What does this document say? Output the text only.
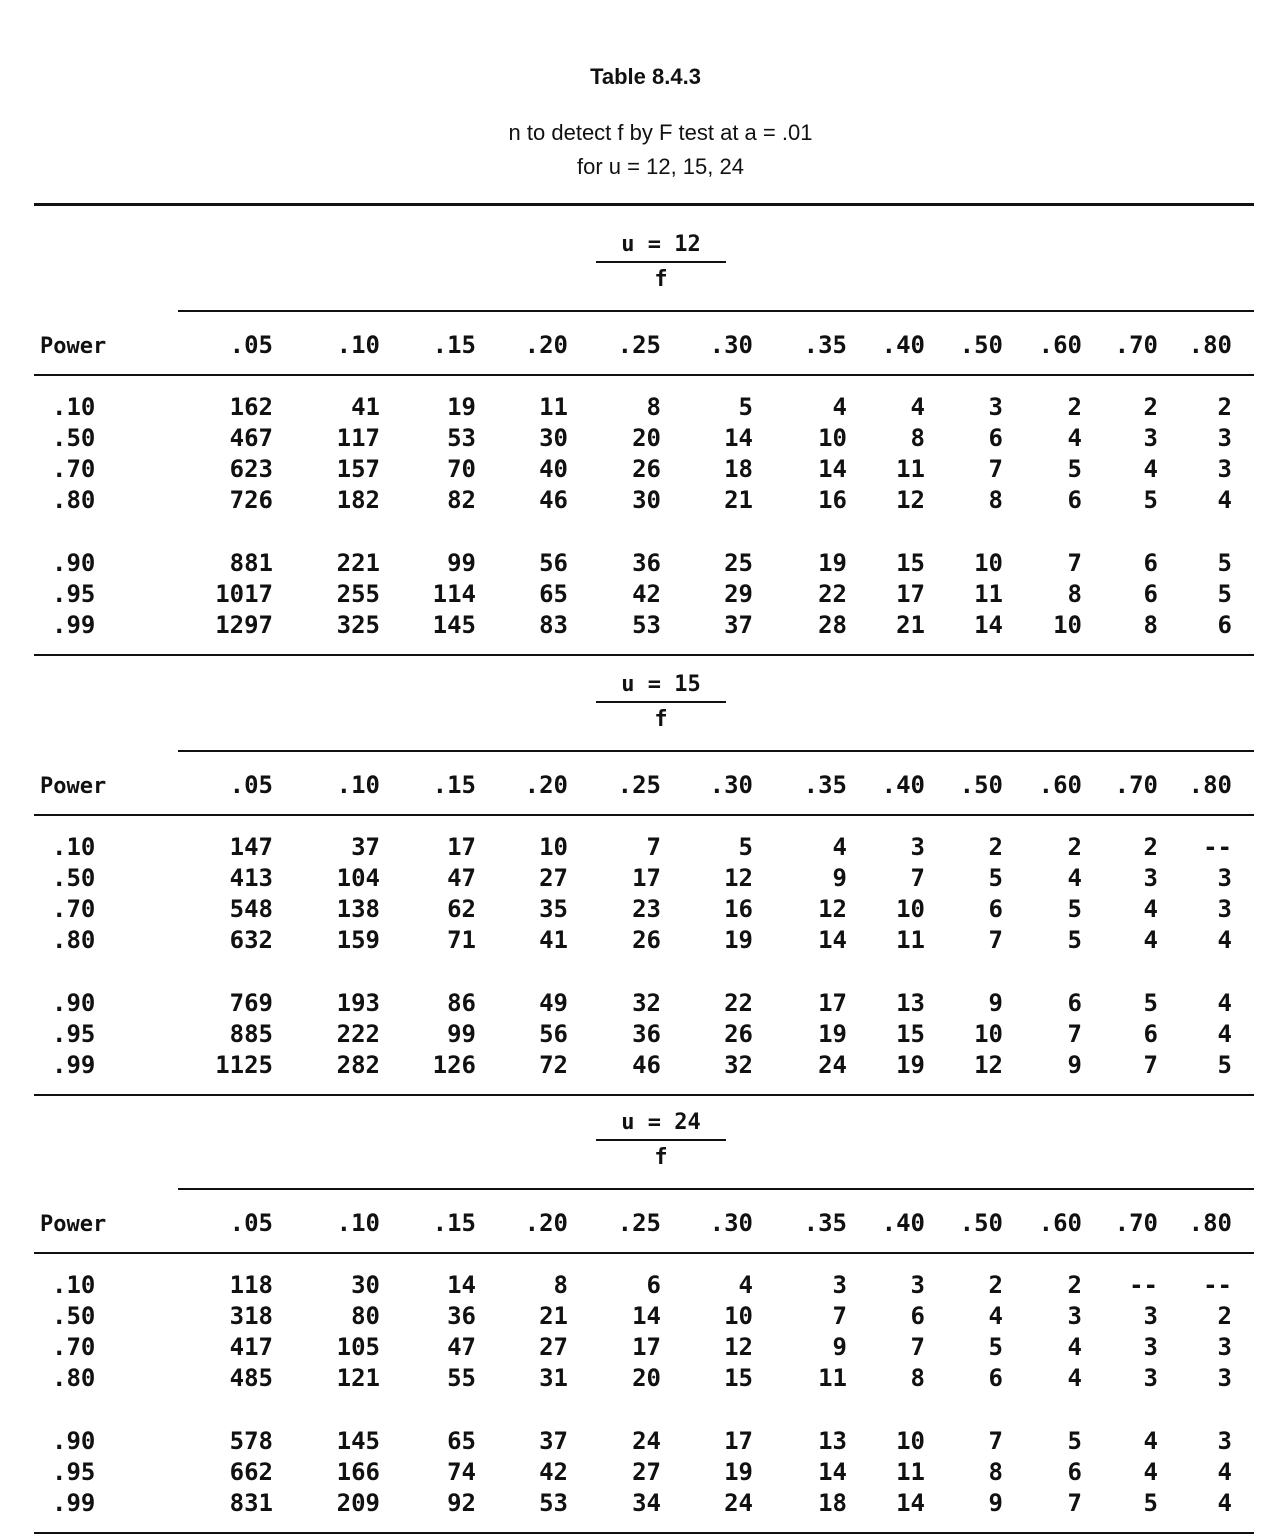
Table 8.4.3
n to detect f by F test at a = .01
for u = 12, 15, 24
u = 12
f
Power	.05	.10	.15	.20	.25	.30	.35	.40	.50	.60	.70	.80
.10	162	41	19	11	8	5	4	4	3	2	2	2
.50	467	117	53	30	20	14	10	8	6	4	3	3
.70	623	157	70	40	26	18	14	11	7	5	4	3
.80	726	182	82	46	30	21	16	12	8	6	5	4
.90	881	221	99	56	36	25	19	15	10	7	6	5
.95	1017	255	114	65	42	29	22	17	11	8	6	5
.99	1297	325	145	83	53	37	28	21	14	10	8	6
u = 15
f
Power	.05	.10	.15	.20	.25	.30	.35	.40	.50	.60	.70	.80
.10	147	37	17	10	7	5	4	3	2	2	2	--
.50	413	104	47	27	17	12	9	7	5	4	3	3
.70	548	138	62	35	23	16	12	10	6	5	4	3
.80	632	159	71	41	26	19	14	11	7	5	4	4
.90	769	193	86	49	32	22	17	13	9	6	5	4
.95	885	222	99	56	36	26	19	15	10	7	6	4
.99	1125	282	126	72	46	32	24	19	12	9	7	5
u = 24
f
Power	.05	.10	.15	.20	.25	.30	.35	.40	.50	.60	.70	.80
.10	118	30	14	8	6	4	3	3	2	2	--	--
.50	318	80	36	21	14	10	7	6	4	3	3	2
.70	417	105	47	27	17	12	9	7	5	4	3	3
.80	485	121	55	31	20	15	11	8	6	4	3	3
.90	578	145	65	37	24	17	13	10	7	5	4	3
.95	662	166	74	42	27	19	14	11	8	6	4	4
.99	831	209	92	53	34	24	18	14	9	7	5	4
